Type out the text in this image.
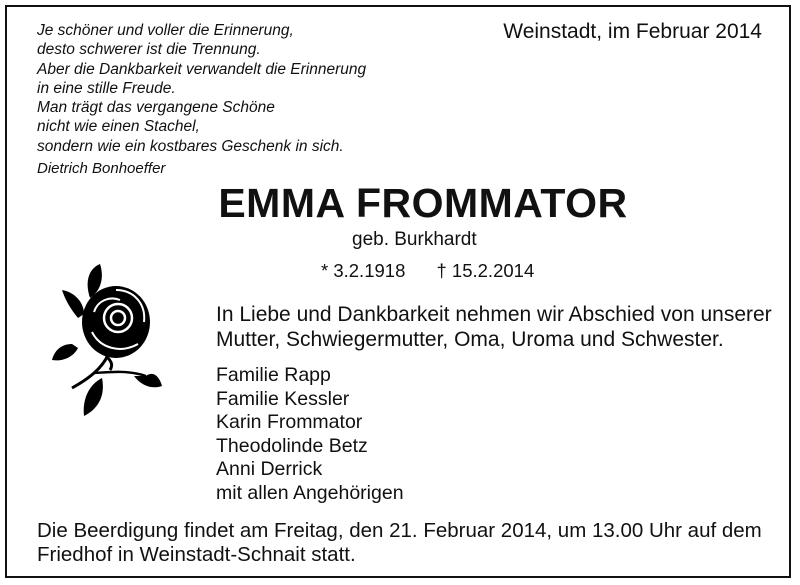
Je schöner und voller die Erinnerung,
desto schwerer ist die Trennung.
Aber die Dankbarkeit verwandelt die Erinnerung
in eine stille Freude.
Man trägt das vergangene Schöne
nicht wie einen Stachel,
sondern wie ein kostbares Geschenk in sich.
Dietrich Bonhoeffer
Weinstadt, im Februar 2014
EMMA FROMMATOR
geb. Burkhardt
* 3.2.1918 † 15.2.2014
In Liebe und Dankbarkeit nehmen wir Abschied von unserer
Mutter, Schwiegermutter, Oma, Uroma und Schwester.
Familie Rapp
Familie Kessler
Karin Frommator
Theodolinde Betz
Anni Derrick
mit allen Angehörigen
Die Beerdigung findet am Freitag, den 21. Februar 2014, um 13.00 Uhr auf dem
Friedhof in Weinstadt-Schnait statt.
